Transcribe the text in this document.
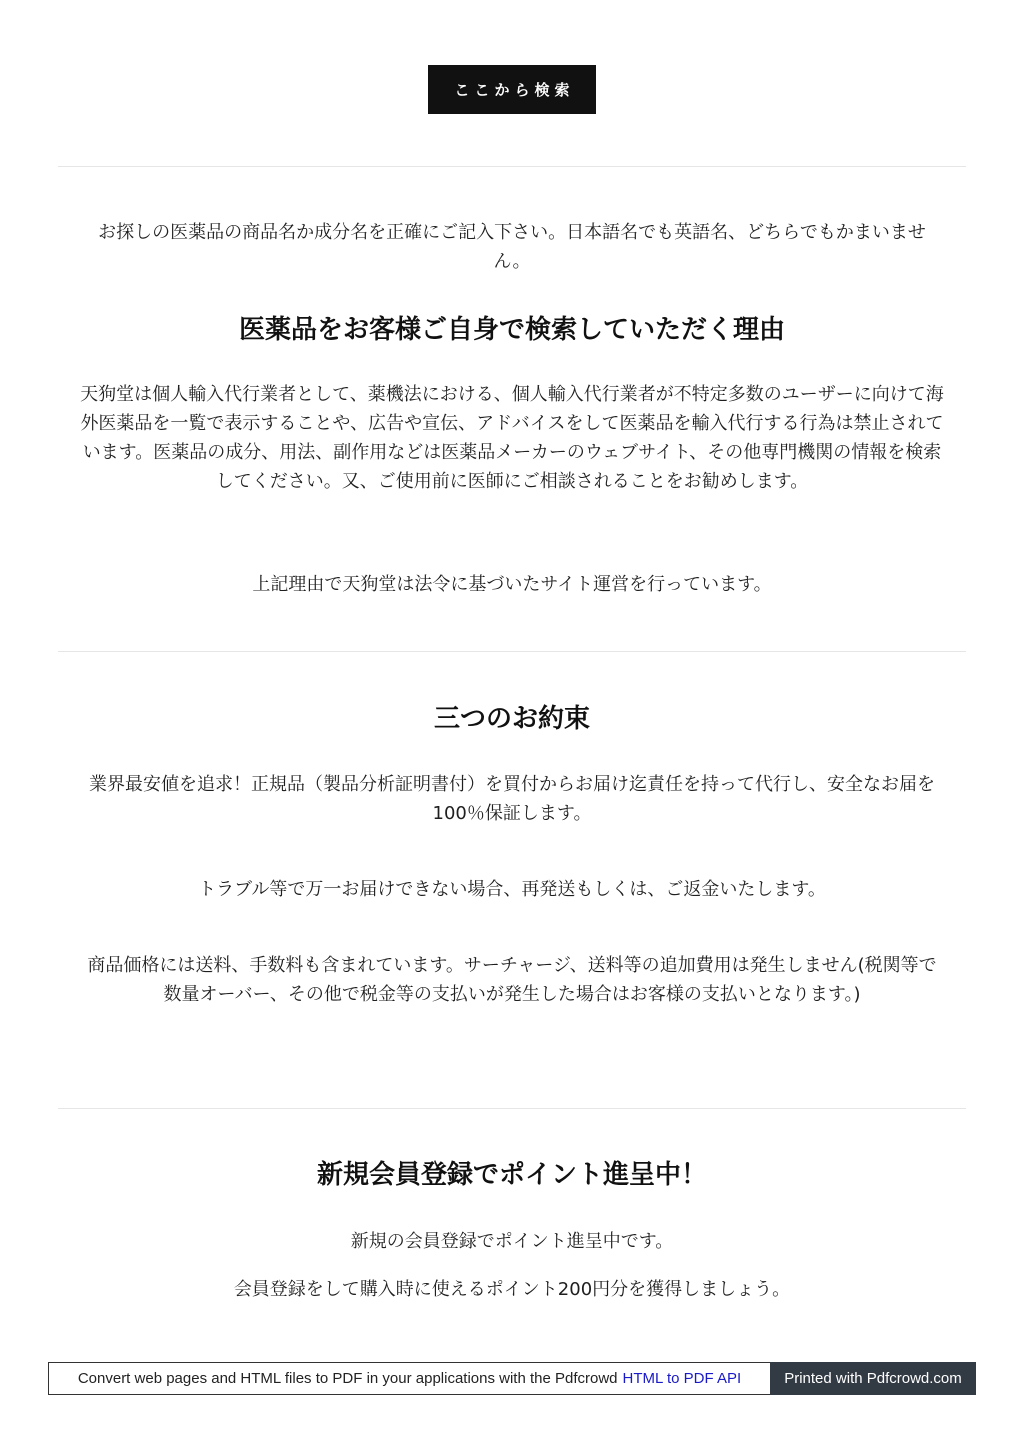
ここから検索

お探しの医薬品の商品名か成分名を正確にご記入下さい。日本語名でも英語名、どちらでもかまいません。

医薬品をお客様ご自身で検索していただく理由

天狗堂は個人輸入代行業者として、薬機法における、個人輸入代行業者が不特定多数のユーザーに向けて海外医薬品を一覧で表示することや、広告や宣伝、アドバイスをして医薬品を輸入代行する行為は禁止されています。医薬品の成分、用法、副作用などは医薬品メーカーのウェブサイト、その他専門機関の情報を検索してください。又、ご使用前に医師にご相談されることをお勧めします。

上記理由で天狗堂は法令に基づいたサイト運営を行っています。

三つのお約束

業界最安値を追求！正規品（製品分析証明書付）を買付からお届け迄責任を持って代行し、安全なお届を100％保証します。

トラブル等で万一お届けできない場合、再発送もしくは、ご返金いたします。

商品価格には送料、手数料も含まれています。サーチャージ、送料等の追加費用は発生しません(税関等で数量オーバー、その他で税金等の支払いが発生した場合はお客様の支払いとなります。)

新規会員登録でポイント進呈中！

新規の会員登録でポイント進呈中です。

会員登録をして購入時に使えるポイント200円分を獲得しましょう。

Convert web pages and HTML files to PDF in your applications with the Pdfcrowd HTML to PDF API	Printed with Pdfcrowd.com
